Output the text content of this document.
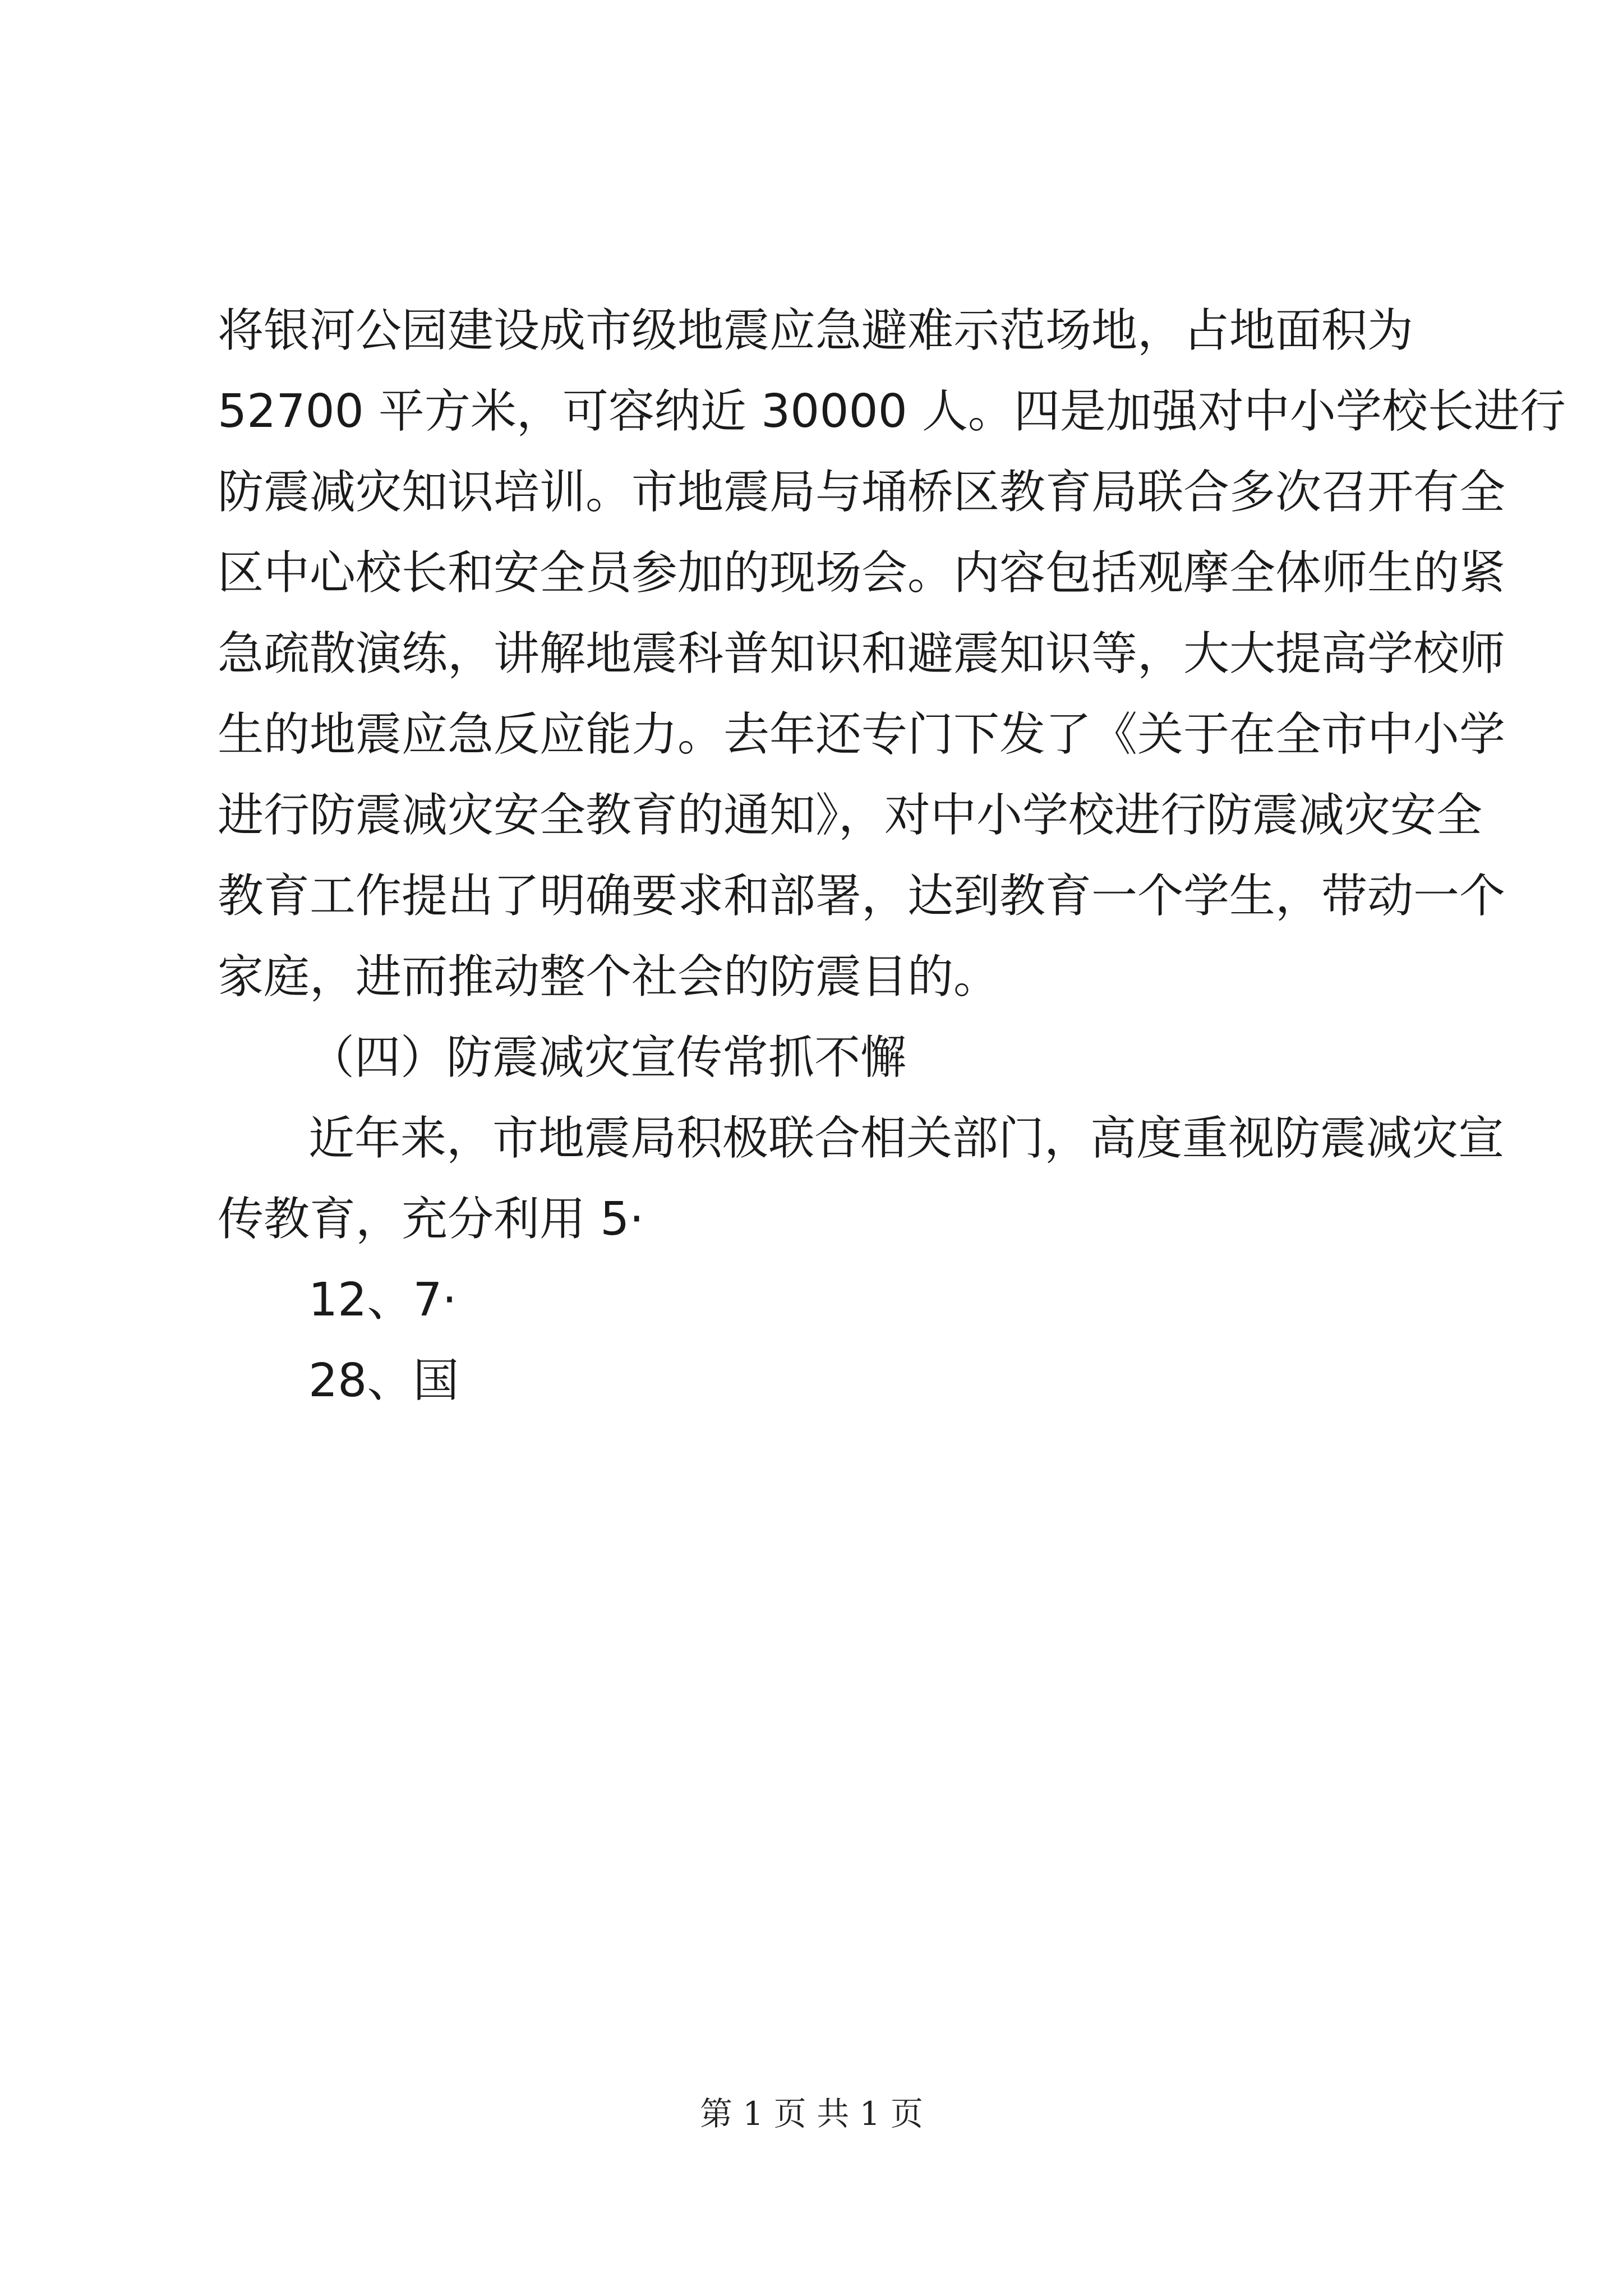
将银河公园建设成市级地震应急避难示范场地，占地面积为
52700 平方米，可容纳近 30000 人。四是加强对中小学校长进行
防震减灾知识培训。市地震局与埇桥区教育局联合多次召开有全
区中心校长和安全员参加的现场会。内容包括观摩全体师生的紧
急疏散演练，讲解地震科普知识和避震知识等，大大提高学校师
生的地震应急反应能力。去年还专门下发了《关于在全市中小学
进行防震减灾安全教育的通知》，对中小学校进行防震减灾安全
教育工作提出了明确要求和部署，达到教育一个学生，带动一个
家庭，进而推动整个社会的防震目的。
（四）防震减灾宣传常抓不懈
近年来，市地震局积极联合相关部门，高度重视防震减灾宣
传教育，充分利用 5·
12、7·
28、国
第 1 页 共 1 页
